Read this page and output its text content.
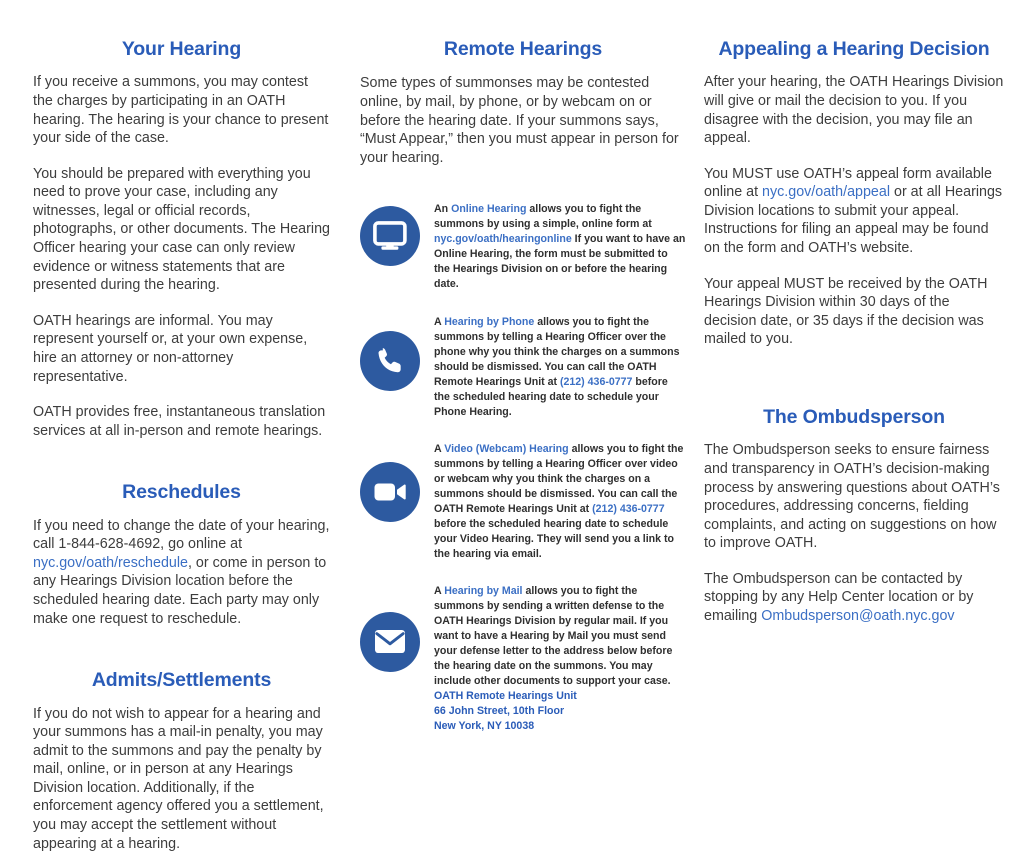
Your Hearing

If you receive a summons, you may contest the charges by participating in an OATH hearing. The hearing is your chance to present your side of the case.

You should be prepared with everything you need to prove your case, including any witnesses, legal or official records, photographs, or other documents. The Hearing Officer hearing your case can only review evidence or witness statements that are presented during the hearing.

OATH hearings are informal. You may represent yourself or, at your own expense, hire an attorney or non-attorney representative.

OATH provides free, instantaneous translation services at all in-person and remote hearings.

Reschedules

If you need to change the date of your hearing, call 1-844-628-4692, go online at nyc.gov/oath/reschedule, or come in person to any Hearings Division location before the scheduled hearing date. Each party may only make one request to reschedule.

Admits/Settlements

If you do not wish to appear for a hearing and your summons has a mail-in penalty, you may admit to the summons and pay the penalty by mail, online, or in person at any Hearings Division location. Additionally, if the enforcement agency offered you a settlement, you may accept the settlement without appearing at a hearing.

Remote Hearings

Some types of summonses may be contested online, by mail, by phone, or by webcam on or before the hearing date. If your summons says, “Must Appear,” then you must appear in person for your hearing.

An Online Hearing allows you to fight the summons by using a simple, online form at nyc.gov/oath/hearingonline If you want to have an Online Hearing, the form must be submitted to the Hearings Division on or before the hearing date.
A Hearing by Phone allows you to fight the summons by telling a Hearing Officer over the phone why you think the charges on a summons should be dismissed. You can call the OATH Remote Hearings Unit at (212) 436-0777 before the scheduled hearing date to schedule your Phone Hearing.
A Video (Webcam) Hearing allows you to fight the summons by telling a Hearing Officer over video or webcam why you think the charges on a summons should be dismissed. You can call the OATH Remote Hearings Unit at (212) 436-0777 before the scheduled hearing date to schedule your Video Hearing. They will send you a link to the hearing via email.
A Hearing by Mail allows you to fight the summons by sending a written defense to the OATH Hearings Division by regular mail. If you want to have a Hearing by Mail you must send your defense letter to the address below before the hearing date on the summons. You may include other documents to support your case.
OATH Remote Hearings Unit
66 John Street, 10th Floor
New York, NY 10038
Appealing a Hearing Decision

After your hearing, the OATH Hearings Division will give or mail the decision to you. If you disagree with the decision, you may file an appeal.

You MUST use OATH’s appeal form available online at nyc.gov/oath/appeal or at all Hearings Division locations to submit your appeal. Instructions for filing an appeal may be found on the form and OATH’s website.

Your appeal MUST be received by the OATH Hearings Division within 30 days of the decision date, or 35 days if the decision was mailed to you.

The Ombudsperson

The Ombudsperson seeks to ensure fairness and transparency in OATH’s decision-making process by answering questions about OATH’s procedures, addressing concerns, fielding complaints, and acting on suggestions on how to improve OATH.

The Ombudsperson can be contacted by stopping by any Help Center location or by emailing Ombudsperson@oath.nyc.gov
